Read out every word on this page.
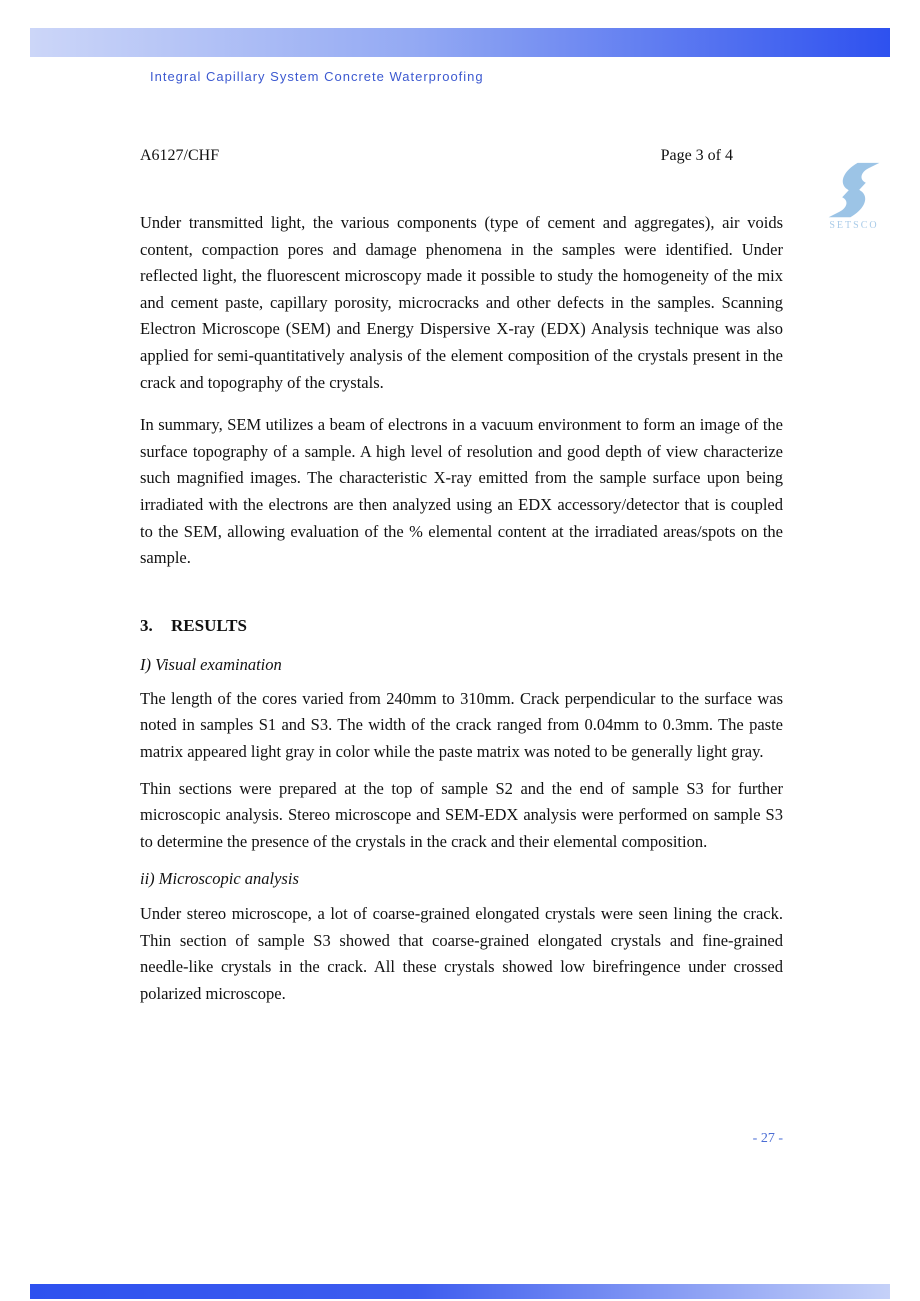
Integral Capillary System Concrete Waterproofing
SETSCO
A6127/CHF	Page 3 of 4

Under transmitted light, the various components (type of cement and aggregates), air voids content, compaction pores and damage phenomena in the samples were identified. Under reflected light, the fluorescent microscopy made it possible to study the homogeneity of the mix and cement paste, capillary porosity, microcracks and other defects in the samples. Scanning Electron Microscope (SEM) and Energy Dispersive X-ray (EDX) Analysis technique was also applied for semi-quantitatively analysis of the element composition of the crystals present in the crack and topography of the crystals.

In summary, SEM utilizes a beam of electrons in a vacuum environment to form an image of the surface topography of a sample. A high level of resolution and good depth of view characterize such magnified images. The characteristic X-ray emitted from the sample surface upon being irradiated with the electrons are then analyzed using an EDX accessory/detector that is coupled to the SEM, allowing evaluation of the % elemental content at the irradiated areas/spots on the sample.

3. RESULTS
I) Visual examination

The length of the cores varied from 240mm to 310mm. Crack perpendicular to the surface was noted in samples S1 and S3. The width of the crack ranged from 0.04mm to 0.3mm. The paste matrix appeared light gray in color while the paste matrix was noted to be generally light gray.

Thin sections were prepared at the top of sample S2 and the end of sample S3 for further microscopic analysis. Stereo microscope and SEM-EDX analysis were performed on sample S3 to determine the presence of the crystals in the crack and their elemental composition.

ii) Microscopic analysis

Under stereo microscope, a lot of coarse-grained elongated crystals were seen lining the crack. Thin section of sample S3 showed that coarse-grained elongated crystals and fine-grained needle-like crystals in the crack. All these crystals showed low birefringence under crossed polarized microscope.

- 27 -
